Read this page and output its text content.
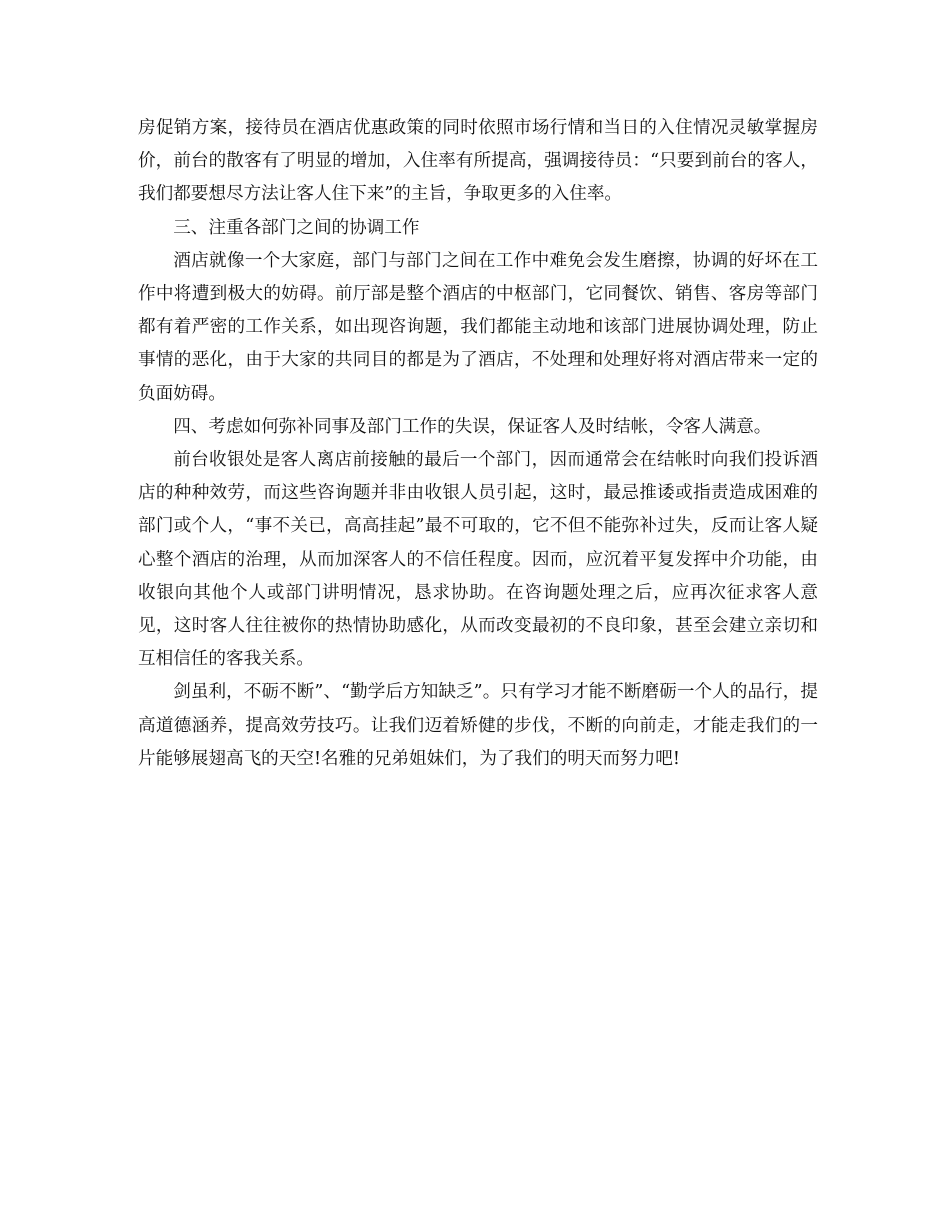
房促销方案，接待员在酒店优惠政策的同时依照市场行情和当日的入住情况灵敏掌握房价，前台的散客有了明显的增加，入住率有所提高，强调接待员：“只要到前台的客人，我们都要想尽方法让客人住下来”的主旨，争取更多的入住率。

三、注重各部门之间的协调工作

酒店就像一个大家庭，部门与部门之间在工作中难免会发生磨擦，协调的好坏在工作中将遭到极大的妨碍。前厅部是整个酒店的中枢部门，它同餐饮、销售、客房等部门都有着严密的工作关系，如出现咨询题，我们都能主动地和该部门进展协调处理，防止事情的恶化，由于大家的共同目的都是为了酒店，不处理和处理好将对酒店带来一定的负面妨碍。

四、考虑如何弥补同事及部门工作的失误，保证客人及时结帐，令客人满意。

前台收银处是客人离店前接触的最后一个部门，因而通常会在结帐时向我们投诉酒店的种种效劳，而这些咨询题并非由收银人员引起，这时，最忌推诿或指责造成困难的部门或个人，“事不关已，高高挂起”最不可取的，它不但不能弥补过失，反而让客人疑心整个酒店的治理，从而加深客人的不信任程度。因而，应沉着平复发挥中介功能，由收银向其他个人或部门讲明情况，恳求协助。在咨询题处理之后，应再次征求客人意见，这时客人往往被你的热情协助感化，从而改变最初的不良印象，甚至会建立亲切和互相信任的客我关系。

剑虽利，不砺不断”、“勤学后方知缺乏”。只有学习才能不断磨砺一个人的品行，提高道德涵养，提高效劳技巧。让我们迈着矫健的步伐，不断的向前走，才能走我们的一片能够展翅高飞的天空!名雅的兄弟姐妹们，为了我们的明天而努力吧!
